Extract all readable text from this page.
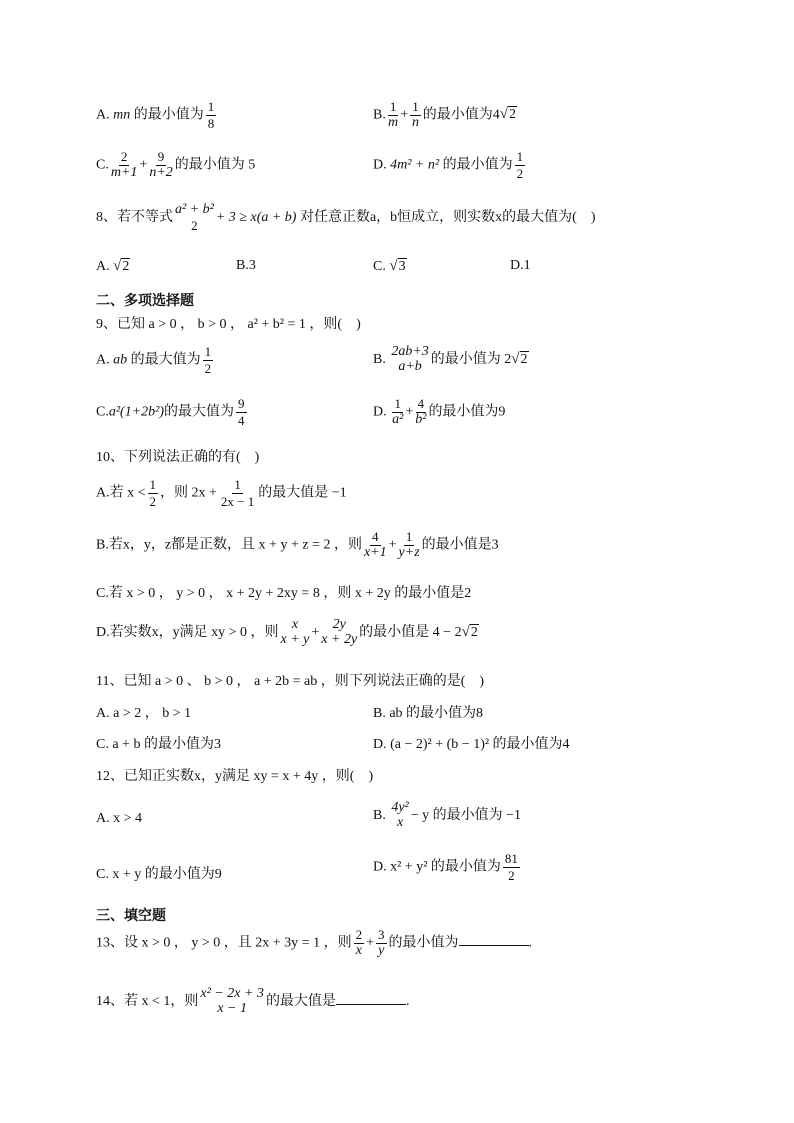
A. mn 的最小值为 $\frac{1}{8}$	B. $\frac{1}{m} + \frac{1}{n}$ 的最小值为4√2
C. $\frac{2}{m+1} + \frac{9}{n+2}$ 的最小值为 5	D. 4m² + n² 的最小值为 $\frac{1}{2}$
8、若不等式
a² + b²
2
+ 3 ≥ x(a + b) 对任意正数a，b恒成立，则实数x的最大值为(　)
A. √2	B.3	C. √3	D.1
二、多项选择题
9、已知 a > 0 ， b > 0 ， a² + b² = 1 ，则(　)
A. ab 的最大值为 $\frac{1}{2}$	B.
2ab+3
a+b 的最小值为 2√2
C.a²(1+2b²)的最大值为 $\frac{9}{4}$	D. $\frac{1}{\text{a²}} + \frac{4}{\text{b²}}$ 的最小值为9
10、下列说法正确的有(　)
A.若 $x < \frac{1}{2}$ ，则 $2x + \frac{1}{2x - 1}$ 的最大值是 −1
B.若x，y，z都是正数，且 x + y + z = 2 ，则 $\frac{4}{x+1} + \frac{1}{y+z}$ 的最小值是3
C.若 x > 0 ， y > 0 ， x + 2y + 2xy = 8 ，则 x + 2y 的最小值是2
D.若实数x，y满足 xy > 0 ，则
x
x + y +
2y
x + 2y 的最小值是 4 − 2√2
11、已知 a > 0 、 b > 0 ， a + 2b = ab ，则下列说法正确的是(　)
A. a > 2 ， b > 1	B. ab 的最小值为8
C. a + b 的最小值为3	D. (a − 2)² + (b − 1)² 的最小值为4
12、已知正实数x，y满足 xy = x + 4y ，则(　)
A. x > 4	B.
4y²
x − y 的最小值为 −1
C. x + y 的最小值为9
D. x² + y² 的最小值为 $\frac{81}{2}$
三、填空题
13、设 x > 0 ， y > 0 ，且 2x + 3y = 1 ，则 $\frac{2}{x} + \frac{3}{y}$ 的最小值为	.
14、若 x < 1，则
x² − 2x + 3
x − 1 的最大值是	.
